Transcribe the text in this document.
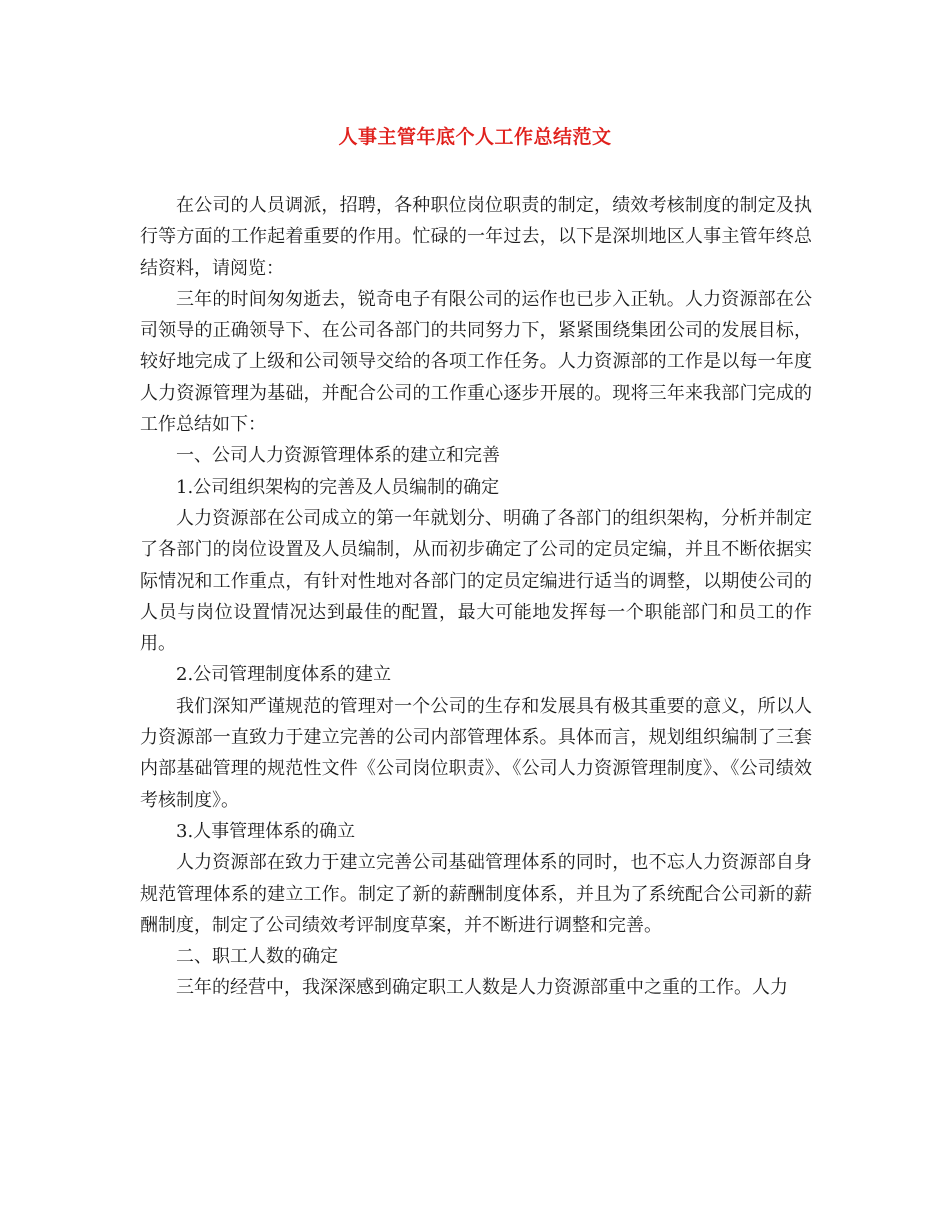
人事主管年底个人工作总结范文

在公司的人员调派，招聘，各种职位岗位职责的制定，绩效考核制度的制定及执行等方面的工作起着重要的作用。忙碌的一年过去，以下是深圳地区人事主管年终总结资料，请阅览：

三年的时间匆匆逝去，锐奇电子有限公司的运作也已步入正轨。人力资源部在公司领导的正确领导下、在公司各部门的共同努力下，紧紧围绕集团公司的发展目标，较好地完成了上级和公司领导交给的各项工作任务。人力资源部的工作是以每一年度人力资源管理为基础，并配合公司的工作重心逐步开展的。现将三年来我部门完成的工作总结如下：

一、公司人力资源管理体系的建立和完善

1.公司组织架构的完善及人员编制的确定

人力资源部在公司成立的第一年就划分、明确了各部门的组织架构，分析并制定了各部门的岗位设置及人员编制，从而初步确定了公司的定员定编，并且不断依据实际情况和工作重点，有针对性地对各部门的定员定编进行适当的调整，以期使公司的人员与岗位设置情况达到最佳的配置，最大可能地发挥每一个职能部门和员工的作用。

2.公司管理制度体系的建立

我们深知严谨规范的管理对一个公司的生存和发展具有极其重要的意义，所以人力资源部一直致力于建立完善的公司内部管理体系。具体而言，规划组织编制了三套内部基础管理的规范性文件《公司岗位职责》、《公司人力资源管理制度》、《公司绩效考核制度》。

3.人事管理体系的确立

人力资源部在致力于建立完善公司基础管理体系的同时，也不忘人力资源部自身规范管理体系的建立工作。制定了新的薪酬制度体系，并且为了系统配合公司新的薪酬制度，制定了公司绩效考评制度草案，并不断进行调整和完善。

二、职工人数的确定

三年的经营中，我深深感到确定职工人数是人力资源部重中之重的工作。人力
